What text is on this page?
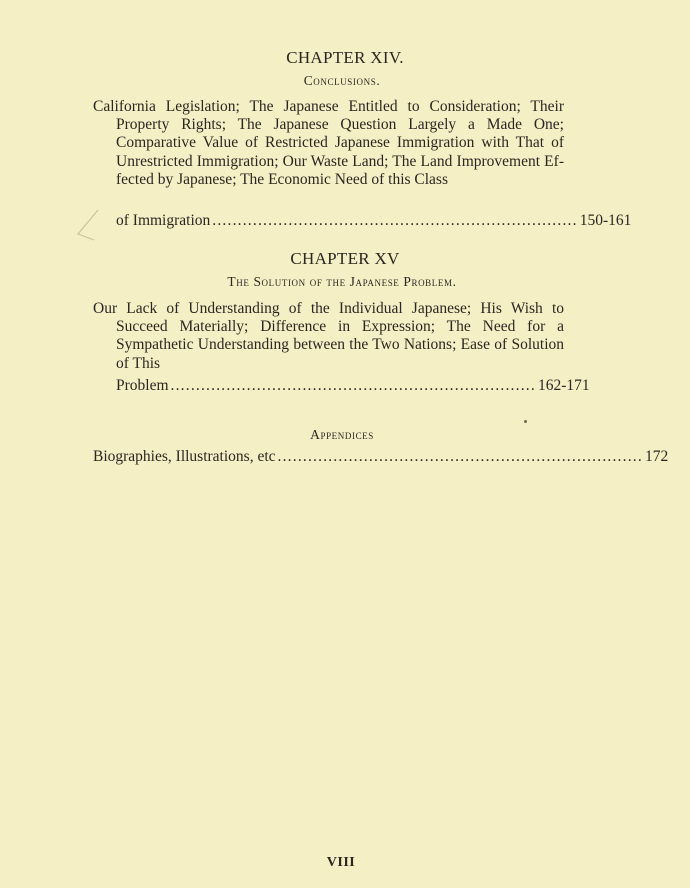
CHAPTER XIV.
Conclusions.
California Legislation; The Japanese Entitled to Consideration; Their Property Rights; The Japanese Question Largely a Made One; Comparative Value of Restricted Japanese Immigration with That of Unrestricted Immigration; Our Waste Land; The Land Improvement Effected by Japanese; The Economic Need of this Class
of Immigration ........................................................................ 150-161
CHAPTER XV
The Solution of the Japanese Problem.
Our Lack of Understanding of the Individual Japanese; His Wish to Succeed Materially; Difference in Expression; The Need for a Sympathetic Understanding between the Two Nations; Ease of Solution of This
Problem ........................................................................ 162-171
Appendices
Biographies, Illustrations, etc ........................................................................ 172
VIII
